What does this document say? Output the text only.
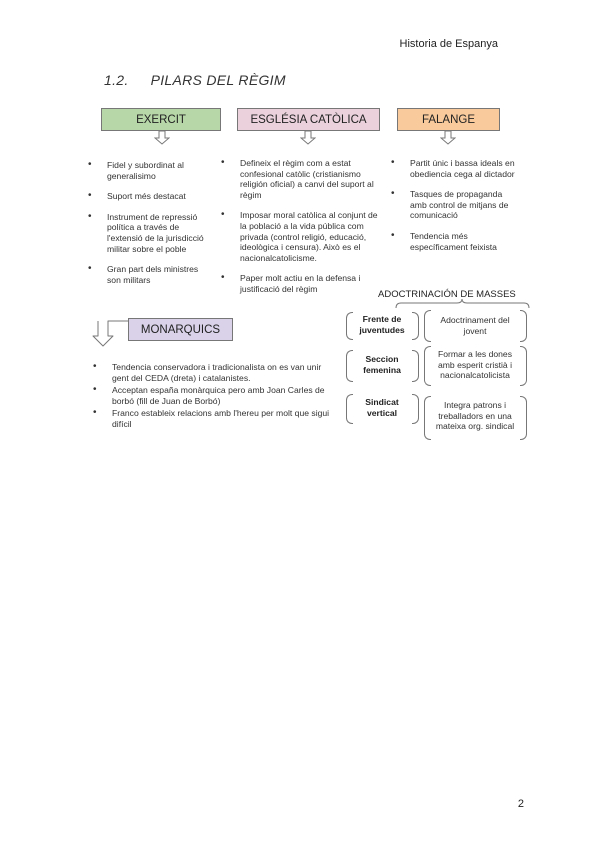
Historia de Espanya
1.2. PILARS DEL RÈGIM
EXERCIT	ESGLÉSIA CATÒLICA	FALANGE
• Fidel y subordinat al generalisimo
• Suport més destacat
• Instrument de repressió política a través de l'extensió de la jurisdicció militar sobre el poble
• Gran part dels ministres son militars
• Defineix el règim com a estat confesional catòlic (cristianismo religión oficial) a canvi del suport al règim
• Imposar moral catòlica al conjunt de la població a la vida pública com privada (control religió, educació, ideològica i censura). Això es el nacionalcatolicisme.
• Paper molt actiu en la defensa i justificació del règim
• Partit únic i bassa ideals en obediencia cega al dictador
• Tasques de propaganda amb control de mitjans de comunicació
• Tendencia més específicament feixista
MONARQUICS
• Tendencia conservadora i tradicionalista on es van unir gent del CEDA (dreta) i catalanistes.
• Acceptan españa monàrquica pero amb Joan Carles de borbó (fill de Juan de Borbó)
• Franco estableix relacions amb l'hereu per molt que sigui difícil
ADOCTRINACIÓN DE MASSES
Frente de juventudes
Adoctrinament del jovent
Seccion femenina
Formar a les dones amb esperit cristià i nacionalcatolicista
Sindicat vertical
Integra patrons i treballadors en una mateixa org. sindical
2
